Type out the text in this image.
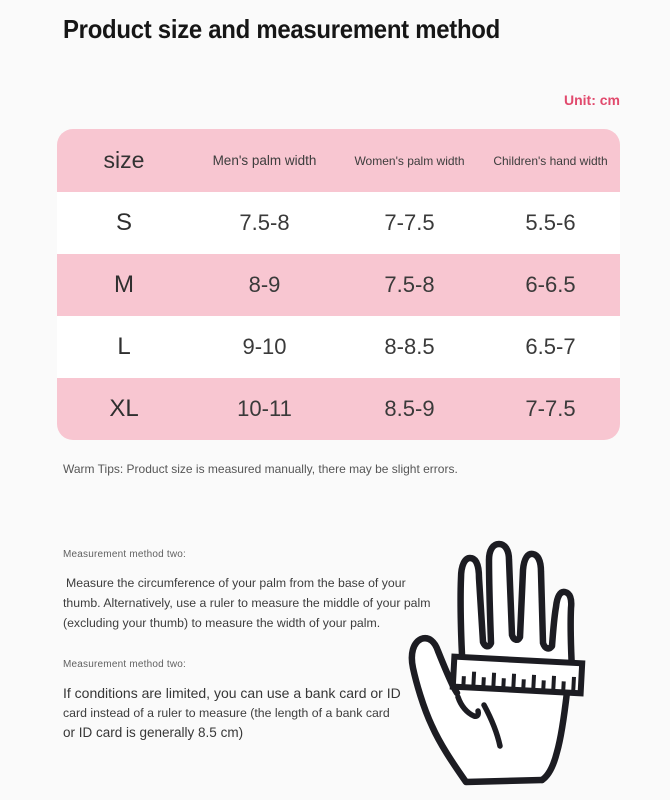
Product size and measurement method
Unit: cm
size	Men's palm width	Women's palm width	Children's hand width
S	7.5-8	7-7.5	5.5-6
M	8-9	7.5-8	6-6.5
L	9-10	8-8.5	6.5-7
XL	10-11	8.5-9	7-7.5

Warm Tips: Product size is measured manually, there may be slight errors.

Measurement method two:
Measure the circumference of your palm from the base of your
thumb. Alternatively, use a ruler to measure the middle of your palm
(excluding your thumb) to measure the width of your palm.
Measurement method two:
If conditions are limited, you can use a bank card or ID
card instead of a ruler to measure (the length of a bank card
or ID card is generally 8.5 cm)
